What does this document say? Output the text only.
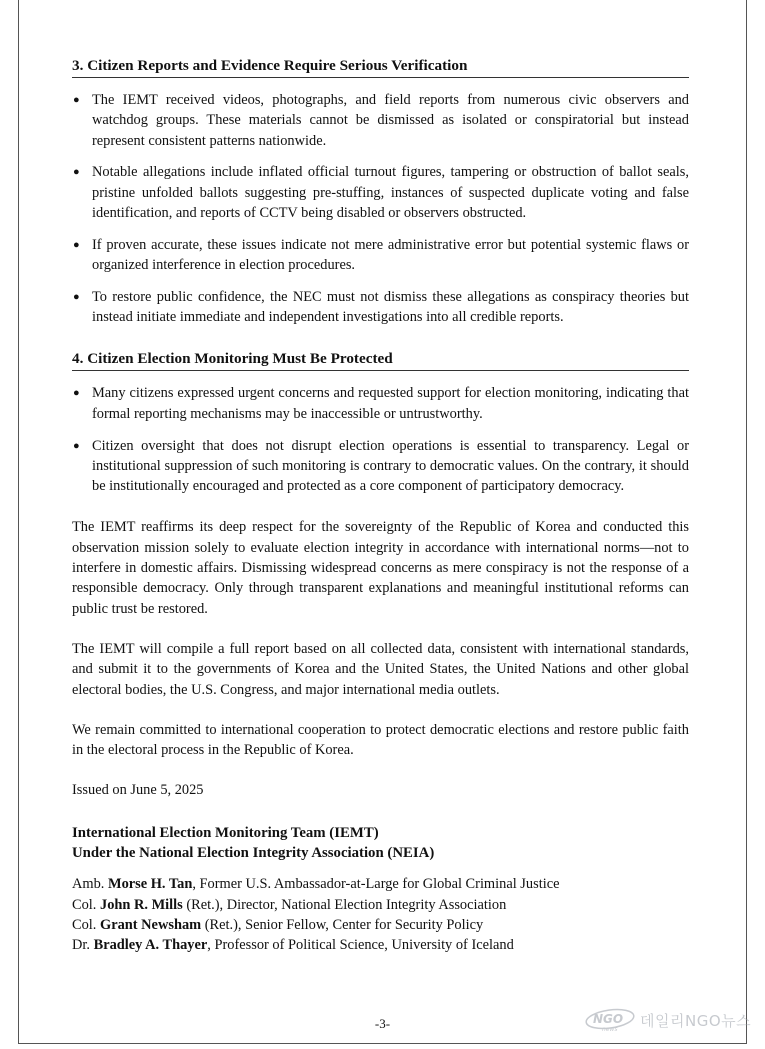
3. Citizen Reports and Evidence Require Serious Verification
● The IEMT received videos, photographs, and field reports from numerous civic observers and watchdog groups. These materials cannot be dismissed as isolated or conspiratorial but instead represent consistent patterns nationwide.
● Notable allegations include inflated official turnout figures, tampering or obstruction of ballot seals, pristine unfolded ballots suggesting pre-stuffing, instances of suspected duplicate voting and false identification, and reports of CCTV being disabled or observers obstructed.
● If proven accurate, these issues indicate not mere administrative error but potential systemic flaws or organized interference in election procedures.
● To restore public confidence, the NEC must not dismiss these allegations as conspiracy theories but instead initiate immediate and independent investigations into all credible reports.
4. Citizen Election Monitoring Must Be Protected
● Many citizens expressed urgent concerns and requested support for election monitoring, indicating that formal reporting mechanisms may be inaccessible or untrustworthy.
● Citizen oversight that does not disrupt election operations is essential to transparency. Legal or institutional suppression of such monitoring is contrary to democratic values. On the contrary, it should be institutionally encouraged and protected as a core component of participatory democracy.

The IEMT reaffirms its deep respect for the sovereignty of the Republic of Korea and conducted this observation mission solely to evaluate election integrity in accordance with international norms—not to interfere in domestic affairs. Dismissing widespread concerns as mere conspiracy is not the response of a responsible democracy. Only through transparent explanations and meaningful institutional reforms can public trust be restored.

The IEMT will compile a full report based on all collected data, consistent with international standards, and submit it to the governments of Korea and the United States, the United Nations and other global electoral bodies, the U.S. Congress, and major international media outlets.

We remain committed to international cooperation to protect democratic elections and restore public faith in the electoral process in the Republic of Korea.

Issued on June 5, 2025

International Election Monitoring Team (IEMT)
Under the National Election Integrity Association (NEIA)
Amb. Morse H. Tan, Former U.S. Ambassador-at-Large for Global Criminal Justice
Col. John R. Mills (Ret.), Director, National Election Integrity Association
Col. Grant Newsham (Ret.), Senior Fellow, Center for Security Policy
Dr. Bradley A. Thayer, Professor of Political Science, University of Iceland
-3-	NGO
news 데일리NGO뉴스
